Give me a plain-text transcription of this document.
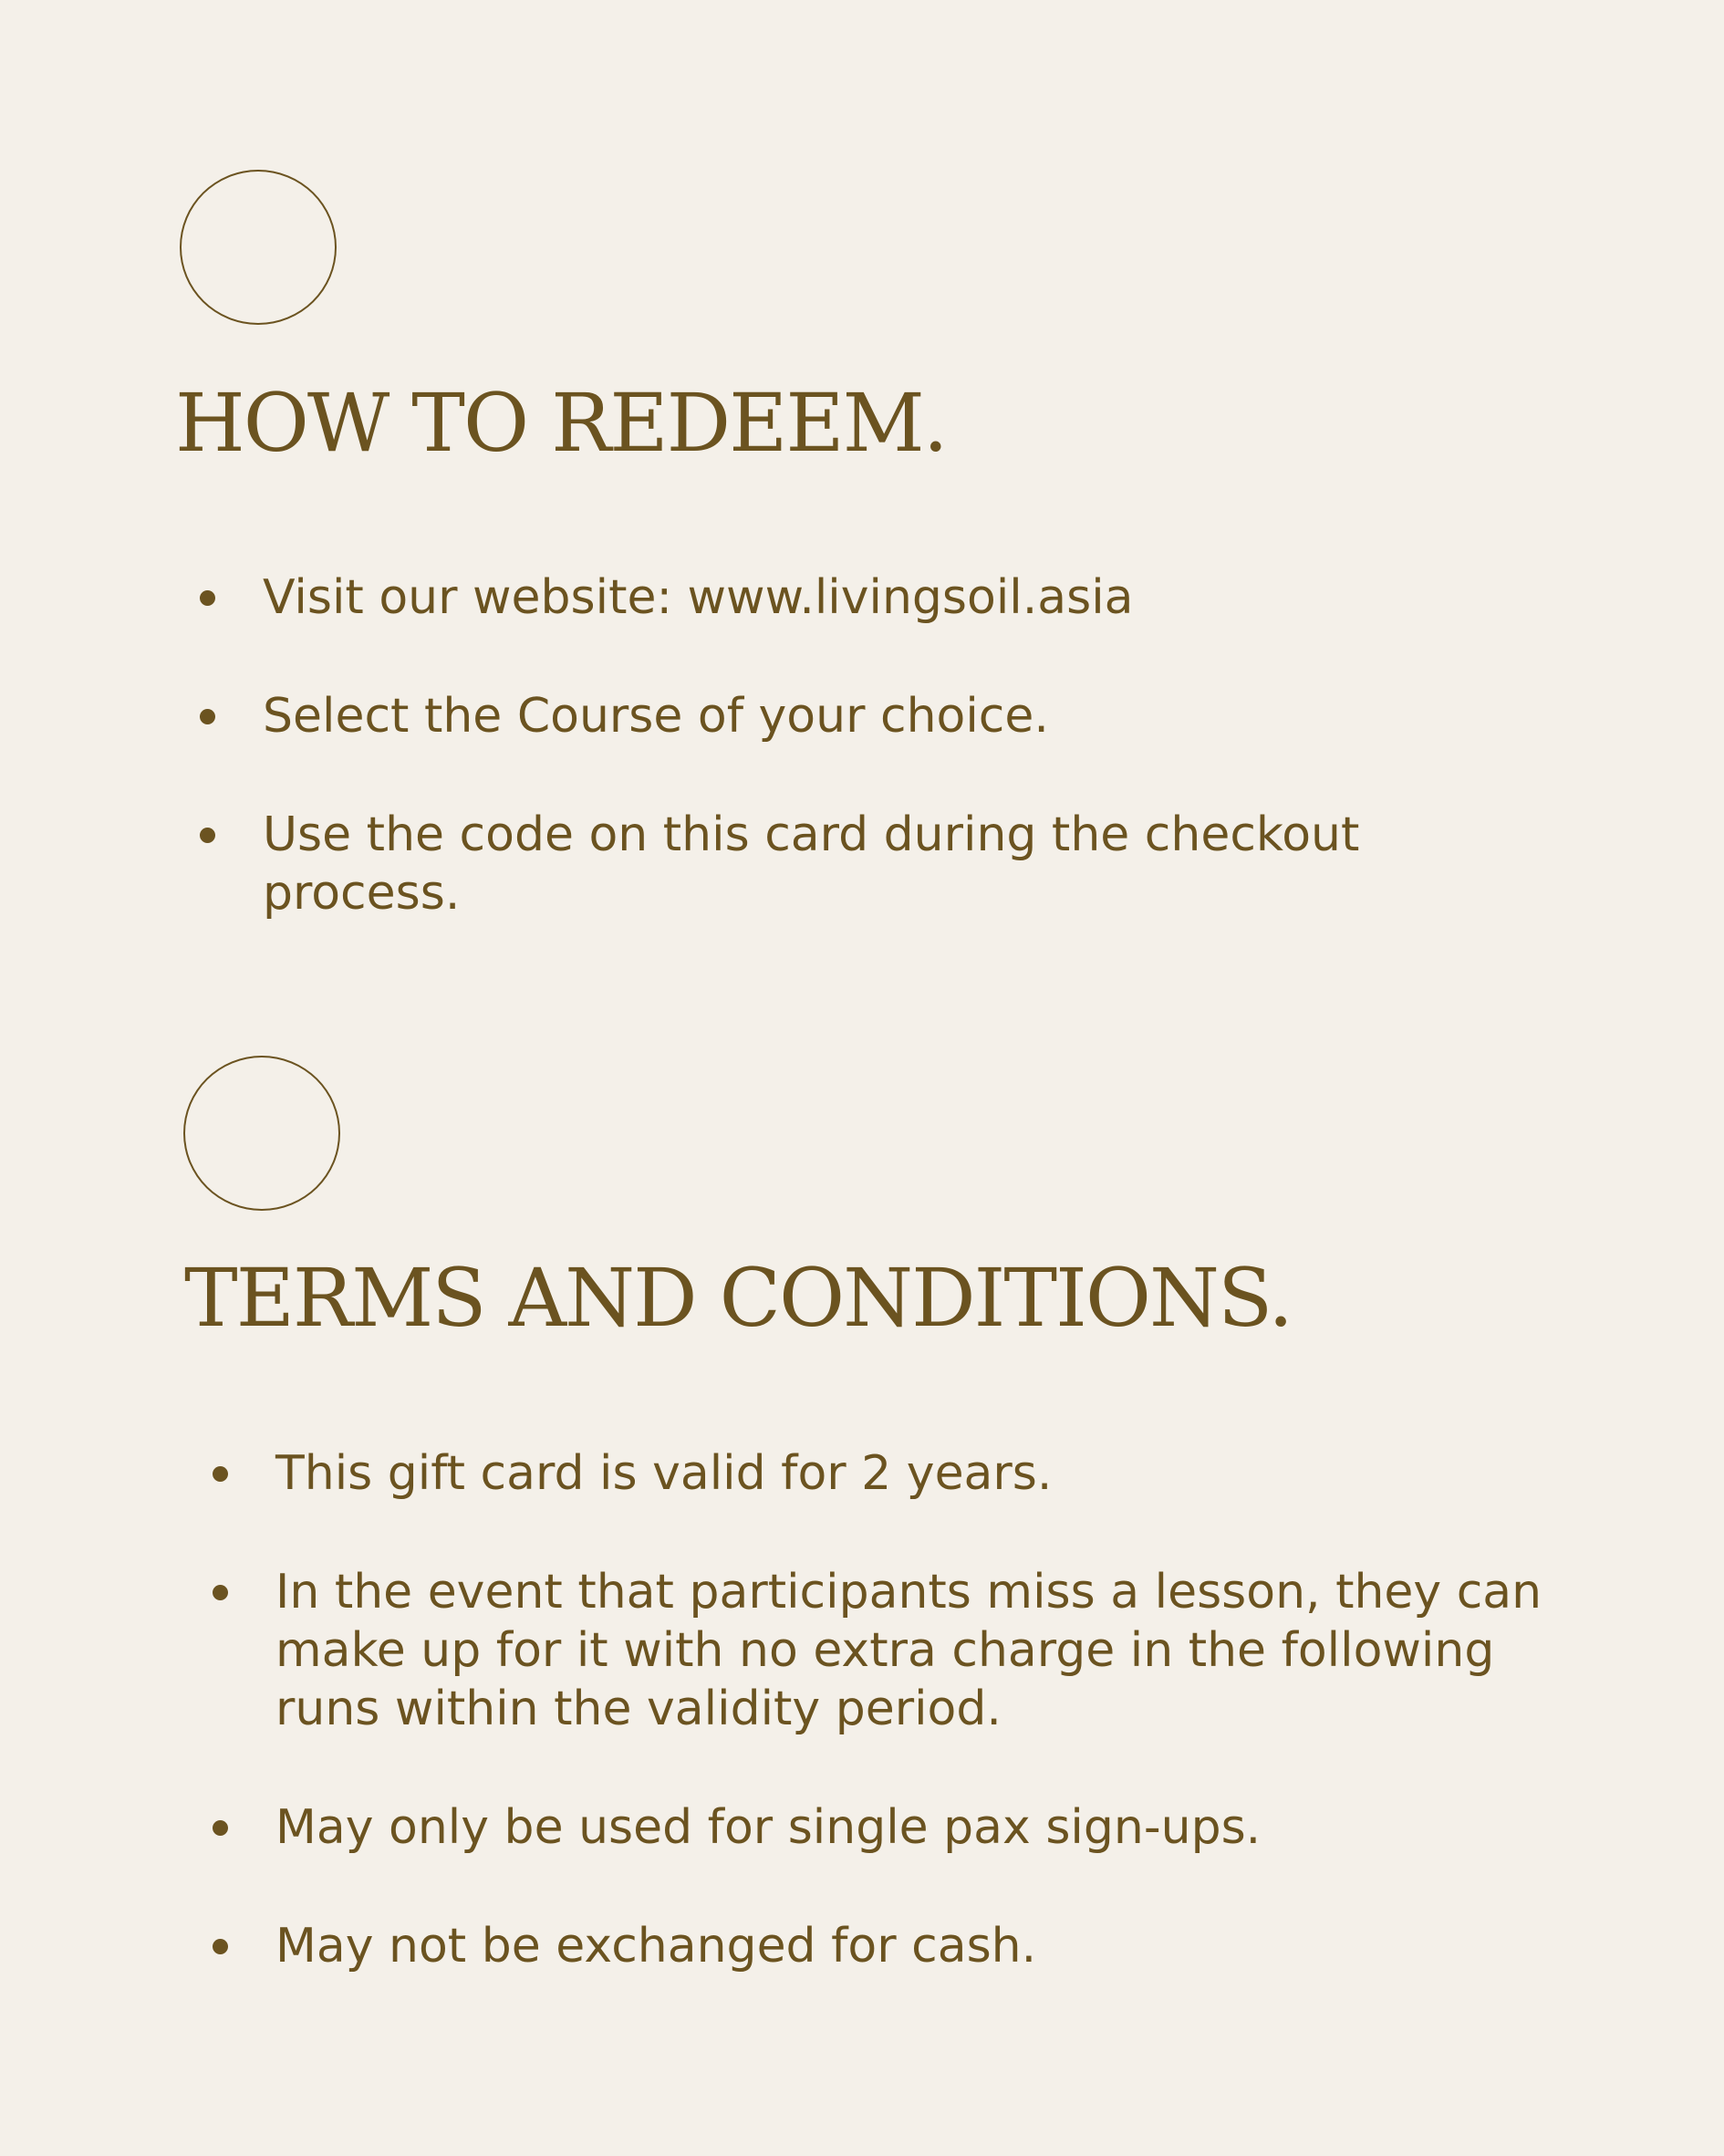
HOW TO REDEEM.
Visit our website: www.livingsoil.asia
Select the Course of your choice.
Use the code on this card during the checkout process.
TERMS AND CONDITIONS.
This gift card is valid for 2 years.
In the event that participants miss a lesson, they can make up for it with no extra charge in the following runs within the validity period.
May only be used for single pax sign-ups.
May not be exchanged for cash.
